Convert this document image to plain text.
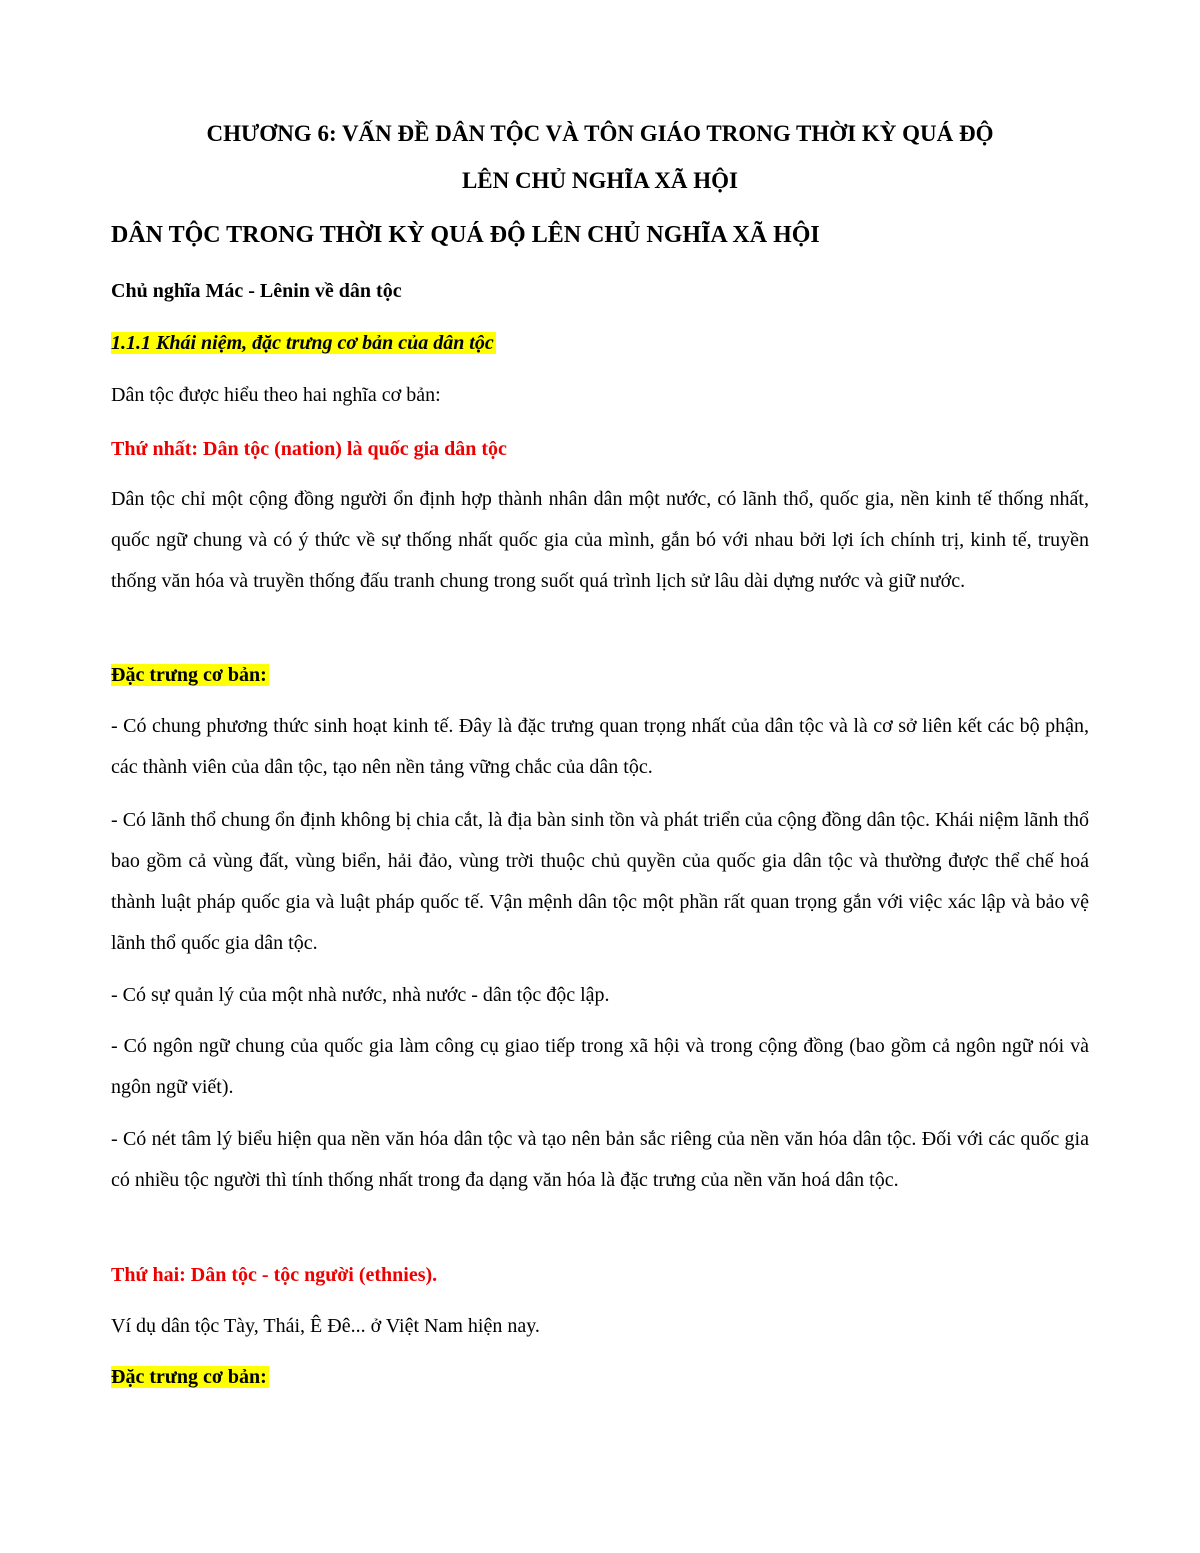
CHƯƠNG 6: VẤN ĐỀ DÂN TỘC VÀ TÔN GIÁO TRONG THỜI KỲ QUÁ ĐỘ
LÊN CHỦ NGHĨA XÃ HỘI

DÂN TỘC TRONG THỜI KỲ QUÁ ĐỘ LÊN CHỦ NGHĨA XÃ HỘI

Chủ nghĩa Mác - Lênin về dân tộc

1.1.1 Khái niệm, đặc trưng cơ bản của dân tộc

Dân tộc được hiểu theo hai nghĩa cơ bản:

Thứ nhất: Dân tộc (nation) là quốc gia dân tộc

Dân tộc chỉ một cộng đồng người ổn định hợp thành nhân dân một nước, có lãnh thổ, quốc gia, nền kinh tế thống nhất, quốc ngữ chung và có ý thức về sự thống nhất quốc gia của mình, gắn bó với nhau bởi lợi ích chính trị, kinh tế, truyền thống văn hóa và truyền thống đấu tranh chung trong suốt quá trình lịch sử lâu dài dựng nước và giữ nước.

Đặc trưng cơ bản:

- Có chung phương thức sinh hoạt kinh tế. Đây là đặc trưng quan trọng nhất của dân tộc và là cơ sở liên kết các bộ phận, các thành viên của dân tộc, tạo nên nền tảng vững chắc của dân tộc.

- Có lãnh thổ chung ổn định không bị chia cắt, là địa bàn sinh tồn và phát triển của cộng đồng dân tộc. Khái niệm lãnh thổ bao gồm cả vùng đất, vùng biển, hải đảo, vùng trời thuộc chủ quyền của quốc gia dân tộc và thường được thể chế hoá thành luật pháp quốc gia và luật pháp quốc tế. Vận mệnh dân tộc một phần rất quan trọng gắn với việc xác lập và bảo vệ lãnh thổ quốc gia dân tộc.

- Có sự quản lý của một nhà nước, nhà nước - dân tộc độc lập.

- Có ngôn ngữ chung của quốc gia làm công cụ giao tiếp trong xã hội và trong cộng đồng (bao gồm cả ngôn ngữ nói và ngôn ngữ viết).

- Có nét tâm lý biểu hiện qua nền văn hóa dân tộc và tạo nên bản sắc riêng của nền văn hóa dân tộc. Đối với các quốc gia có nhiều tộc người thì tính thống nhất trong đa dạng văn hóa là đặc trưng của nền văn hoá dân tộc.

Thứ hai: Dân tộc - tộc người (ethnies).

Ví dụ dân tộc Tày, Thái, Ê Đê... ở Việt Nam hiện nay.

Đặc trưng cơ bản:
